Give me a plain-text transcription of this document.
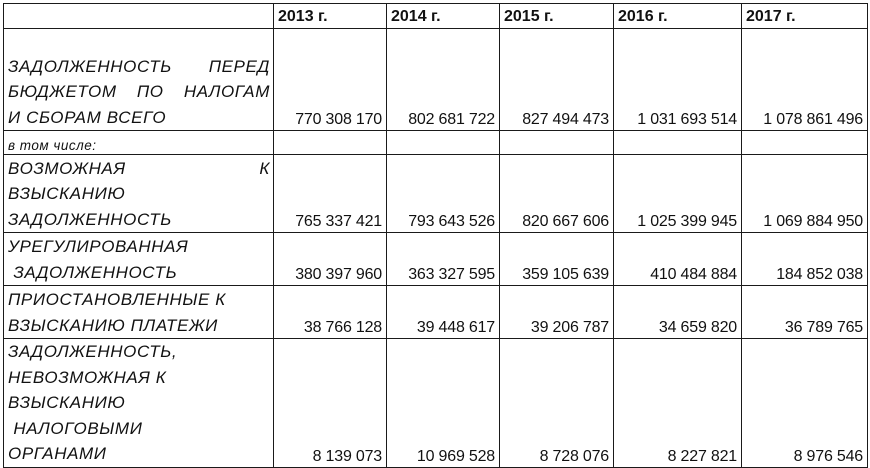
	2013 г.	2014 г.	2015 г.	2016 г.	2017 г.

ЗАДОЛЖЕННОСТЬ ПЕРЕД
БЮДЖЕТОМ ПО НАЛОГАМ
И СБОРАМ ВСЕГО	770 308 170	802 681 722	827 494 473	1 031 693 514	1 078 861 496
в том числе:					

ВОЗМОЖНАЯ К
ВЗЫСКАНИЮ
ЗАДОЛЖЕННОСТЬ	765 337 421	793 643 526	820 667 606	1 025 399 945	1 069 884 950

УРЕГУЛИРОВАННАЯ
ЗАДОЛЖЕННОСТЬ	380 397 960	363 327 595	359 105 639	410 484 884	184 852 038

ПРИОСТАНОВЛЕННЫЕ К
ВЗЫСКАНИЮ ПЛАТЕЖИ	38 766 128	39 448 617	39 206 787	34 659 820	36 789 765

ЗАДОЛЖЕННОСТЬ,
НЕВОЗМОЖНАЯ К
ВЗЫСКАНИЮ
НАЛОГОВЫМИ
ОРГАНАМИ	8 139 073	10 969 528	8 728 076	8 227 821	8 976 546
